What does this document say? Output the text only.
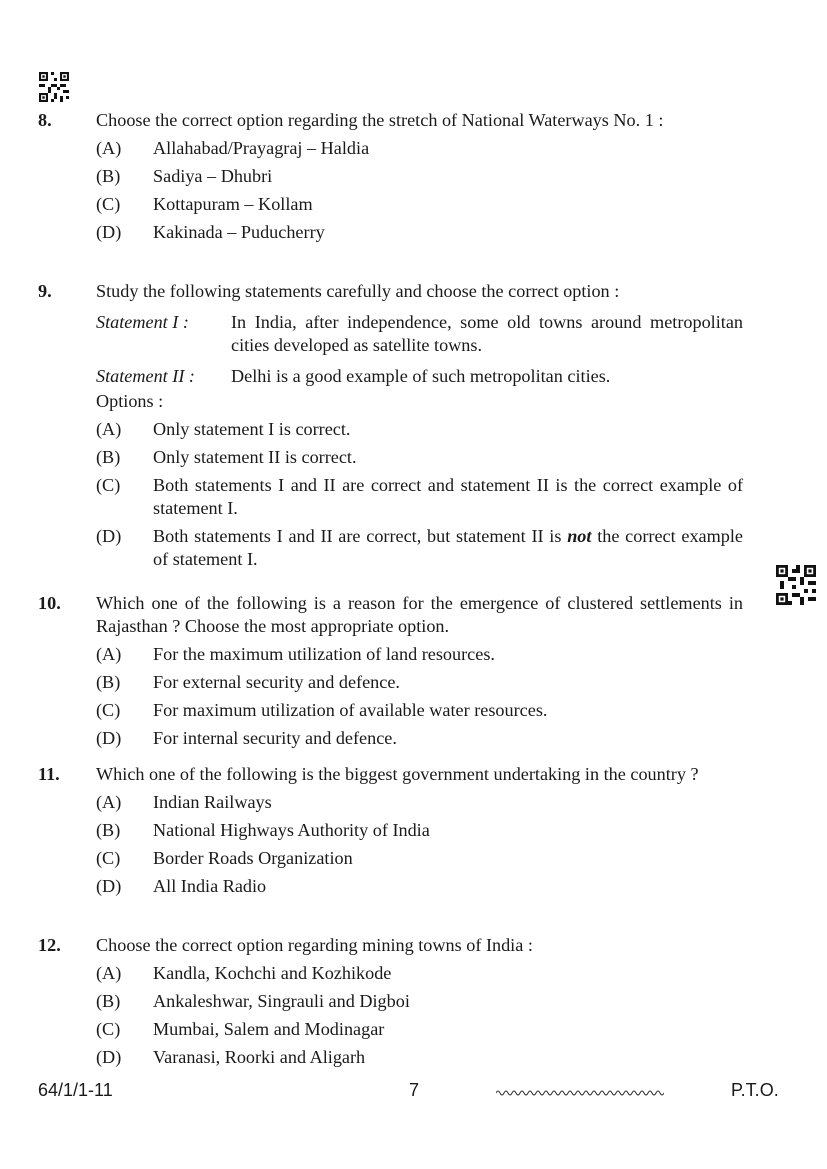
8. Choose the correct option regarding the stretch of National Waterways No. 1 :
(A)	Allahabad/Prayagraj – Haldia
(B)	Sadiya – Dhubri
(C)	Kottapuram – Kollam
(D)	Kakinada – Puducherry
9. Study the following statements carefully and choose the correct option :
Statement I :	In India, after independence, some old towns around metropolitan cities developed as satellite towns.
Statement II :	Delhi is a good example of such metropolitan cities.
Options :
(A)	Only statement I is correct.
(B)	Only statement II is correct.
(C)	Both statements I and II are correct and statement II is the correct example of statement I.
(D)	Both statements I and II are correct, but statement II is not the correct example of statement I.
10. Which one of the following is a reason for the emergence of clustered settlements in Rajasthan ? Choose the most appropriate option.
(A)	For the maximum utilization of land resources.
(B)	For external security and defence.
(C)	For maximum utilization of available water resources.
(D)	For internal security and defence.
11. Which one of the following is the biggest government undertaking in the country ?
(A)	Indian Railways
(B)	National Highways Authority of India
(C)	Border Roads Organization
(D)	All India Radio
12. Choose the correct option regarding mining towns of India :
(A)	Kandla, Kochchi and Kozhikode
(B)	Ankaleshwar, Singrauli and Digboi
(C)	Mumbai, Salem and Modinagar
(D)	Varanasi, Roorki and Aligarh
64/1/1-11	7	P.T.O.
